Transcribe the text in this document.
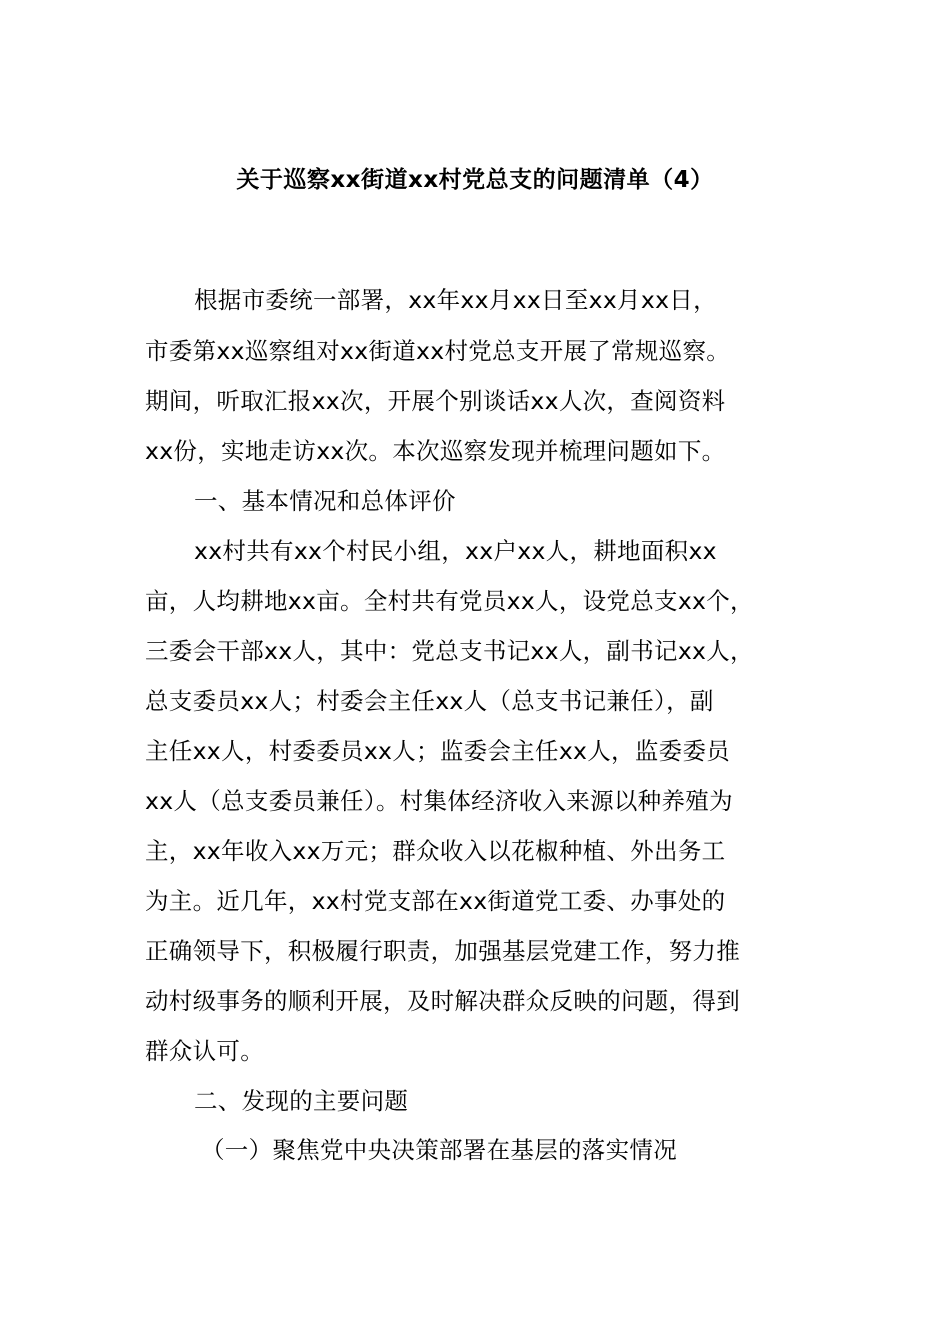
关于巡察xx街道xx村党总支的问题清单（4）
根据市委统一部署，xx年xx月xx日至xx月xx日，
市委第xx巡察组对xx街道xx村党总支开展了常规巡察。
期间，听取汇报xx次，开展个别谈话xx人次，查阅资料
xx份，实地走访xx次。本次巡察发现并梳理问题如下。
一、基本情况和总体评价
xx村共有xx个村民小组，xx户xx人，耕地面积xx
亩，人均耕地xx亩。全村共有党员xx人，设党总支xx个，
三委会干部xx人，其中：党总支书记xx人，副书记xx人，
总支委员xx人；村委会主任xx人（总支书记兼任），副
主任xx人，村委委员xx人；监委会主任xx人，监委委员
xx人（总支委员兼任）。村集体经济收入来源以种养殖为
主，xx年收入xx万元；群众收入以花椒种植、外出务工
为主。近几年，xx村党支部在xx街道党工委、办事处的
正确领导下，积极履行职责，加强基层党建工作，努力推
动村级事务的顺利开展，及时解决群众反映的问题，得到
群众认可。
二、发现的主要问题
（一）聚焦党中央决策部署在基层的落实情况
